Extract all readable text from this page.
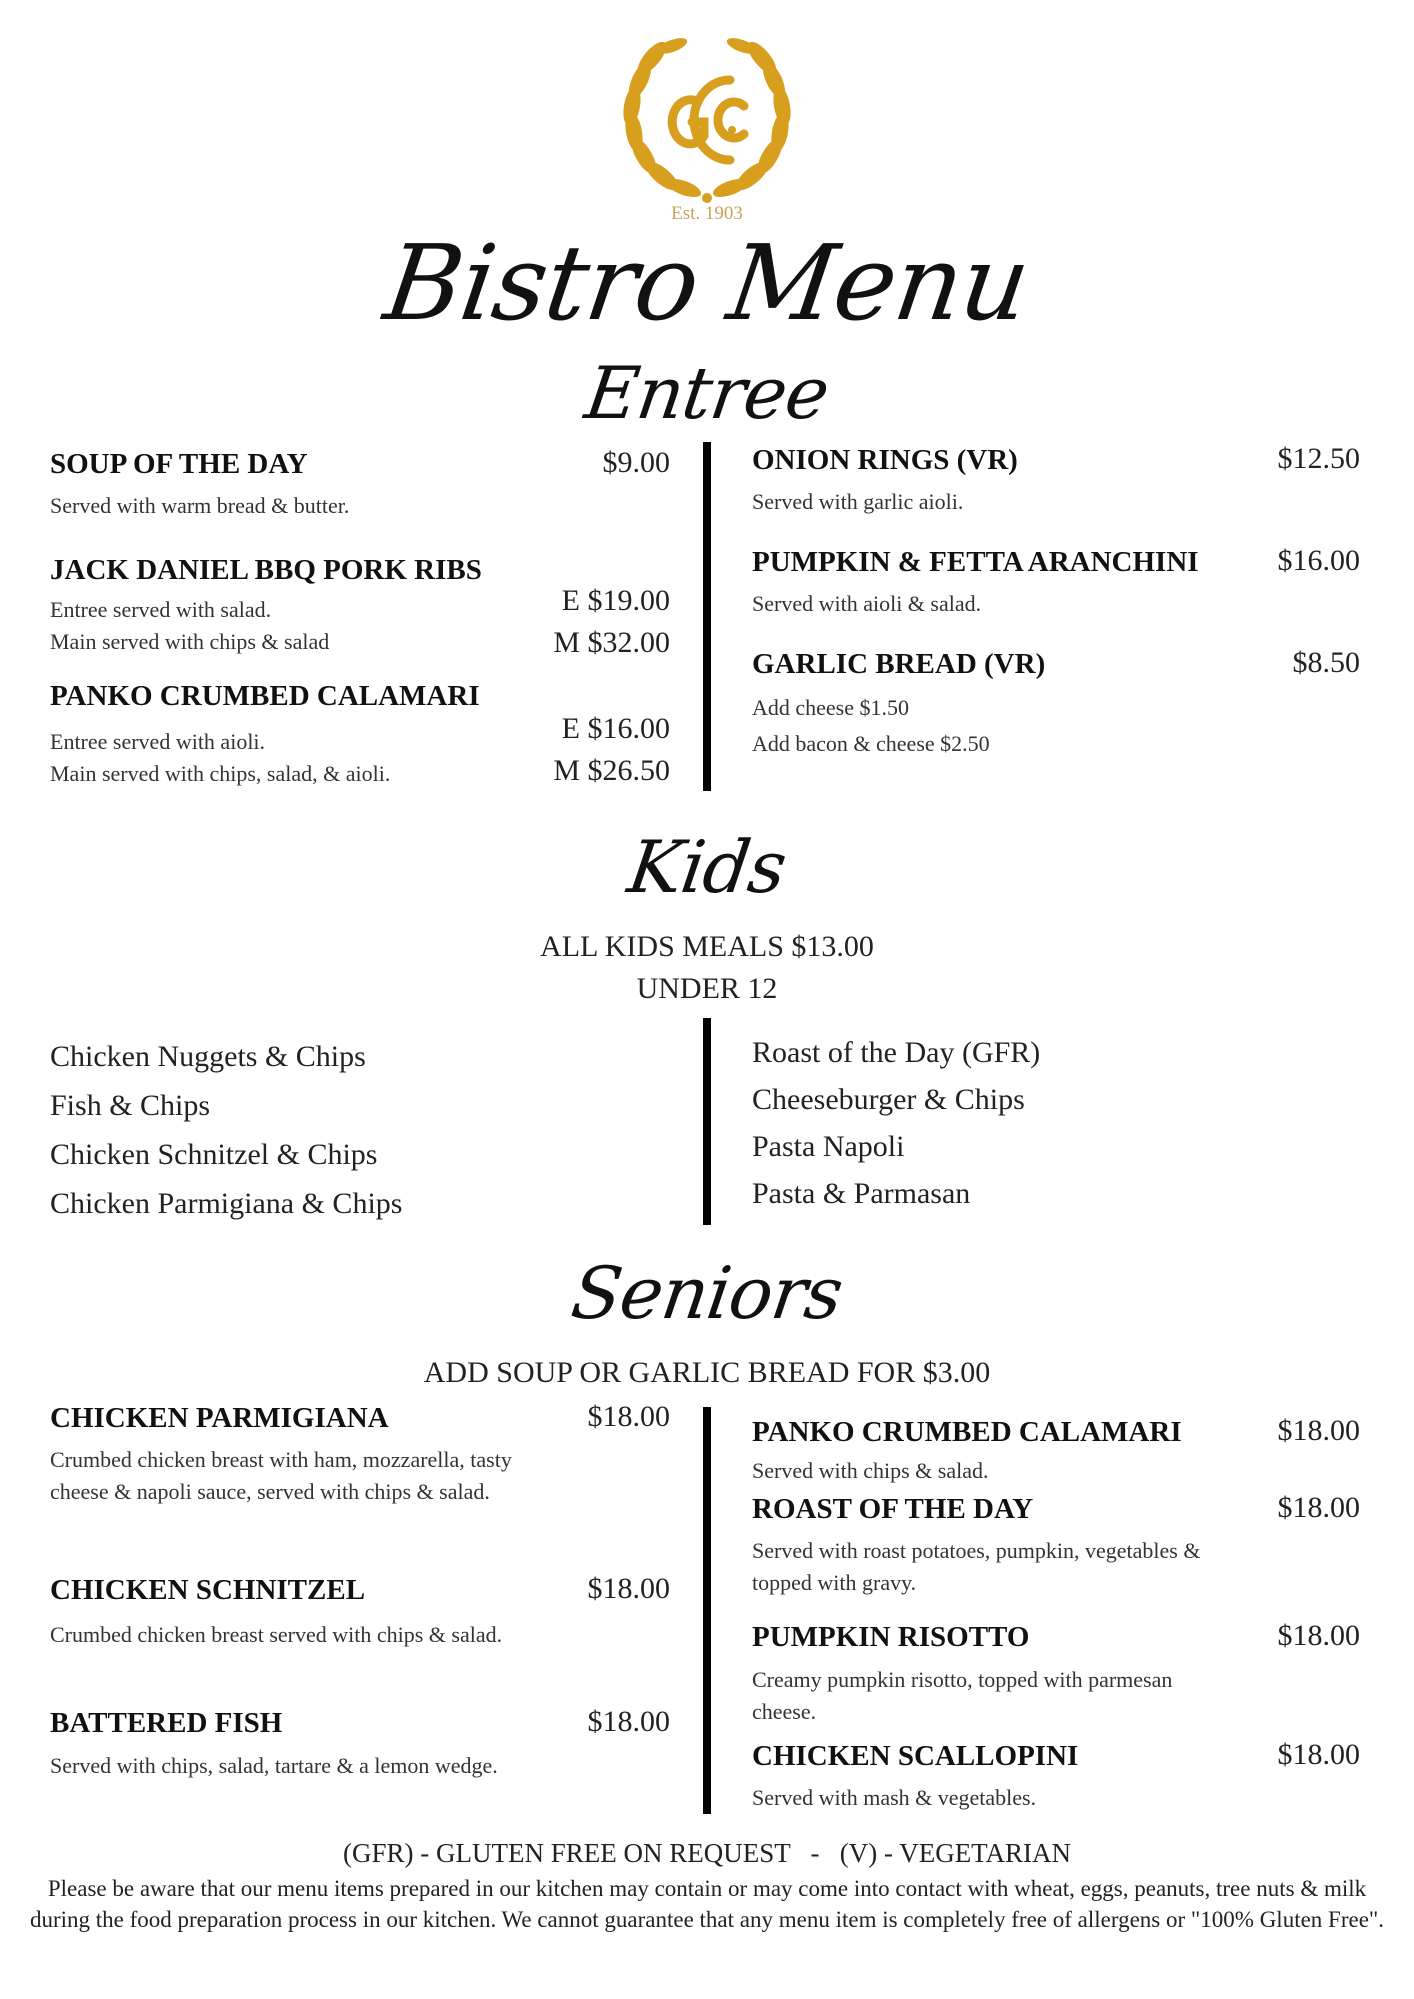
Est. 1903
Bistro Menu
Entree
SOUP OF THE DAY	$9.00
Served with warm bread & butter.
JACK DANIEL BBQ PORK RIBS
Entree served with salad.
Main served with chips & salad
E $19.00
M $32.00
PANKO CRUMBED CALAMARI
Entree served with aioli.
Main served with chips, salad, & aioli.
E $16.00
M $26.50
ONION RINGS (VR)	$12.50
Served with garlic aioli.
PUMPKIN & FETTA ARANCHINI	$16.00
Served with aioli & salad.
GARLIC BREAD (VR)	$8.50
Add cheese $1.50
Add bacon & cheese $2.50
Kids
ALL KIDS MEALS $13.00
UNDER 12
Chicken Nuggets & Chips
Fish & Chips
Chicken Schnitzel & Chips
Chicken Parmigiana & Chips
Roast of the Day (GFR)
Cheeseburger & Chips
Pasta Napoli
Pasta & Parmasan
Seniors
ADD SOUP OR GARLIC BREAD FOR $3.00
CHICKEN PARMIGIANA	$18.00
Crumbed chicken breast with ham, mozzarella, tasty
cheese & napoli sauce, served with chips & salad.
CHICKEN SCHNITZEL	$18.00
Crumbed chicken breast served with chips & salad.
BATTERED FISH	$18.00
Served with chips, salad, tartare & a lemon wedge.
PANKO CRUMBED CALAMARI	$18.00
Served with chips & salad.
ROAST OF THE DAY	$18.00
Served with roast potatoes, pumpkin, vegetables &
topped with gravy.
PUMPKIN RISOTTO	$18.00
Creamy pumpkin risotto, topped with parmesan
cheese.
CHICKEN SCALLOPINI	$18.00
Served with mash & vegetables.
(GFR) - GLUTEN FREE ON REQUEST   -   (V) - VEGETARIAN
Please be aware that our menu items prepared in our kitchen may contain or may come into contact with wheat, eggs, peanuts, tree nuts & milk during the food preparation process in our kitchen. We cannot guarantee that any menu item is completely free of allergens or "100% Gluten Free".
